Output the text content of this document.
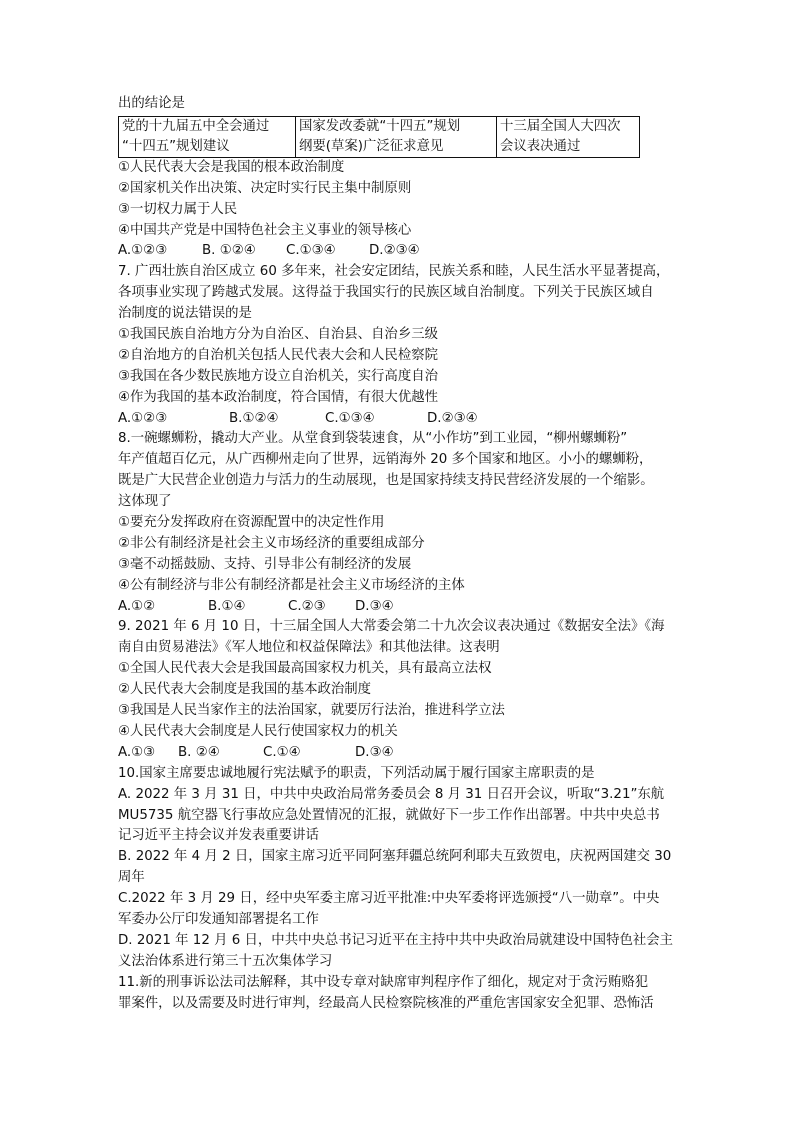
出的结论是
党的十九届五中全会通过
“十四五”规划建议

国家发改委就“十四五”规划
纲要(草案)广泛征求意见

十三届全国人大四次
会议表决通过
①人民代表大会是我国的根本政治制度
②国家机关作出决策、决定时实行民主集中制原则
③一切权力属于人民
④中国共产党是中国特色社会主义事业的领导核心
A.①②③	B. ①②④ C.①③④ D.②③④
7. 广西壮族自治区成立 60 多年来，社会安定团结，民族关系和睦，人民生活水平显著提高，
各项事业实现了跨越式发展。这得益于我国实行的民族区域自治制度。下列关于民族区域自
治制度的说法错误的是
①我国民族自治地方分为自治区、自治县、自治乡三级
②自治地方的自治机关包括人民代表大会和人民检察院
③我国在各少数民族地方设立自治机关，实行高度自治
④作为我国的基本政治制度，符合国情，有很大优越性
A.①②③	B.①②④	C.①③④	D.②③④
8.一碗螺蛳粉，撬动大产业。从堂食到袋装速食，从“小作坊”到工业园，“柳州螺蛳粉”
年产值超百亿元，从广西柳州走向了世界，远销海外 20 多个国家和地区。小小的螺蛳粉，
既是广大民营企业创造力与活力的生动展现，也是国家持续支持民营经济发展的一个缩影。
这体现了
①要充分发挥政府在资源配置中的决定性作用
②非公有制经济是社会主义市场经济的重要组成部分
③毫不动摇鼓励、支持、引导非公有制经济的发展
④公有制经济与非公有制经济都是社会主义市场经济的主体
A.①②	B.①④	C.②③ D.③④
9. 2021 年 6 月 10 日，十三届全国人大常委会第二十九次会议表决通过《数据安全法》《海
南自由贸易港法》《军人地位和权益保障法》和其他法律。这表明
①全国人民代表大会是我国最高国家权力机关，具有最高立法权
②人民代表大会制度是我国的基本政治制度
③我国是人民当家作主的法治国家，就要厉行法治，推进科学立法
④人民代表大会制度是人民行使国家权力的机关
A.①③ B. ②④	C.①④	D.③④
10.国家主席要忠诚地履行宪法赋予的职责，下列活动属于履行国家主席职责的是
A. 2022 年 3 月 31 日，中共中央政治局常务委员会 8 月 31 日召开会议，听取“3.21”东航
MU5735 航空器飞行事故应急处置情况的汇报，就做好下一步工作作出部署。中共中央总书
记习近平主持会议并发表重要讲话
B. 2022 年 4 月 2 日，国家主席习近平同阿塞拜疆总统阿利耶夫互致贺电，庆祝两国建交 30
周年
C.2022 年 3 月 29 日，经中央军委主席习近平批准:中央军委将评选颁授“八一勋章”。中央
军委办公厅印发通知部署提名工作
D. 2021 年 12 月 6 日，中共中央总书记习近平在主持中共中央政治局就建设中国特色社会主
义法治体系进行第三十五次集体学习
11.新的刑事诉讼法司法解释，其中设专章对缺席审判程序作了细化，规定对于贪污贿赂犯
罪案件，以及需要及时进行审判，经最高人民检察院核准的严重危害国家安全犯罪、恐怖活
